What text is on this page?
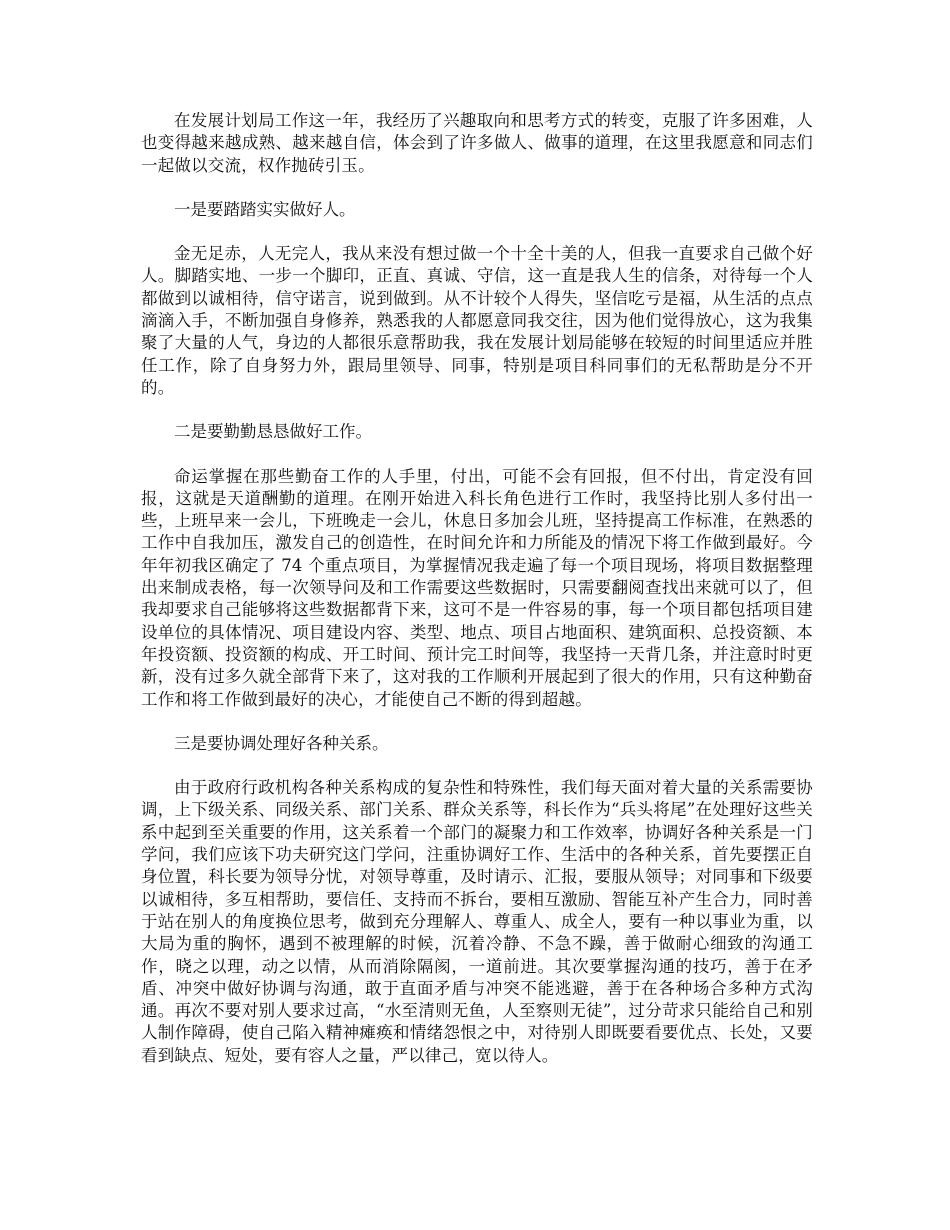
在发展计划局工作这一年，我经历了兴趣取向和思考方式的转变，克服了许多困难，人也变得越来越成熟、越来越自信，体会到了许多做人、做事的道理，在这里我愿意和同志们一起做以交流，权作抛砖引玉。

一是要踏踏实实做好人。

金无足赤，人无完人，我从来没有想过做一个十全十美的人，但我一直要求自己做个好人。脚踏实地、一步一个脚印，正直、真诚、守信，这一直是我人生的信条，对待每一个人都做到以诚相待，信守诺言，说到做到。从不计较个人得失，坚信吃亏是福，从生活的点点滴滴入手，不断加强自身修养，熟悉我的人都愿意同我交往，因为他们觉得放心，这为我集聚了大量的人气，身边的人都很乐意帮助我，我在发展计划局能够在较短的时间里适应并胜任工作，除了自身努力外，跟局里领导、同事，特别是项目科同事们的无私帮助是分不开的。

二是要勤勤恳恳做好工作。

命运掌握在那些勤奋工作的人手里，付出，可能不会有回报，但不付出，肯定没有回报，这就是天道酬勤的道理。在刚开始进入科长角色进行工作时，我坚持比别人多付出一些，上班早来一会儿，下班晚走一会儿，休息日多加会儿班，坚持提高工作标准，在熟悉的工作中自我加压，激发自己的创造性，在时间允许和力所能及的情况下将工作做到最好。今年年初我区确定了 74 个重点项目，为掌握情况我走遍了每一个项目现场，将项目数据整理出来制成表格，每一次领导问及和工作需要这些数据时，只需要翻阅查找出来就可以了，但我却要求自己能够将这些数据都背下来，这可不是一件容易的事，每一个项目都包括项目建设单位的具体情况、项目建设内容、类型、地点、项目占地面积、建筑面积、总投资额、本年投资额、投资额的构成、开工时间、预计完工时间等，我坚持一天背几条，并注意时时更新，没有过多久就全部背下来了，这对我的工作顺利开展起到了很大的作用，只有这种勤奋工作和将工作做到最好的决心，才能使自己不断的得到超越。

三是要协调处理好各种关系。

由于政府行政机构各种关系构成的复杂性和特殊性，我们每天面对着大量的关系需要协调，上下级关系、同级关系、部门关系、群众关系等，科长作为“兵头将尾”在处理好这些关系中起到至关重要的作用，这关系着一个部门的凝聚力和工作效率，协调好各种关系是一门学问，我们应该下功夫研究这门学问，注重协调好工作、生活中的各种关系，首先要摆正自身位置，科长要为领导分忧，对领导尊重，及时请示、汇报，要服从领导；对同事和下级要以诚相待，多互相帮助，要信任、支持而不拆台，要相互激励、智能互补产生合力，同时善于站在别人的角度换位思考，做到充分理解人、尊重人、成全人，要有一种以事业为重，以大局为重的胸怀，遇到不被理解的时候，沉着冷静、不急不躁，善于做耐心细致的沟通工作，晓之以理，动之以情，从而消除隔阂，一道前进。其次要掌握沟通的技巧，善于在矛盾、冲突中做好协调与沟通，敢于直面矛盾与冲突不能逃避，善于在各种场合多种方式沟通。再次不要对别人要求过高，“水至清则无鱼，人至察则无徒”，过分苛求只能给自己和别人制作障碍，使自己陷入精神瘫痪和情绪怨恨之中，对待别人即既要看要优点、长处，又要看到缺点、短处，要有容人之量，严以律己，宽以待人。
